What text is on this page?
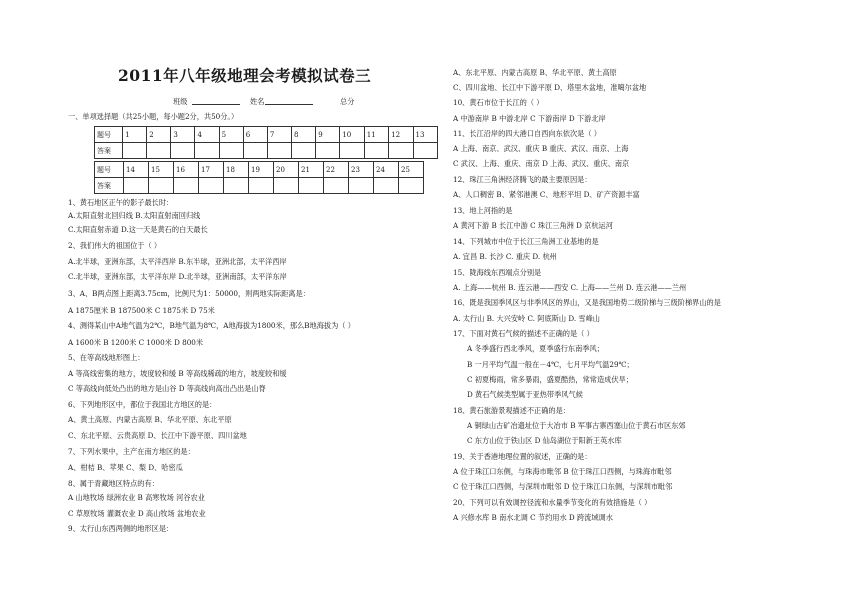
2011年八年级地理会考模拟试卷三
班级	姓名	总分
一、单项选择题（共25小题，每小题2分，共50分。）
题号	1	2	3	4	5	6	7	8	9	10	11	12	13
答案													
题号	14	15	16	17	18	19	20	21	22	23	24	25
答案												
1、黄石地区正午的影子最长时：
A.太阳直射北回归线 B.太阳直射南回归线
C.太阳直射赤道 D.这一天是黄石的白天最长
2、我们伟大的祖国位于（ ）
A.北半球，亚洲东部，太平洋西岸 B.东半球，亚洲北部，太平洋西岸
C.北半球，亚洲东部，太平洋东岸 D.北半球，亚洲南部，太平洋东岸
3、A、B两点图上距离3.75cm，比例尺为1：50000，则两地实际距离是：
A 1875厘米 B 187500米 C 1875米 D 75米
4、测得某山中A地气温为2℃，B地气温为8℃，A地海拔为1800米，那么B地海拔为（ ）
A 1600米 B 1200米 C 1000米 D 800米
5、在等高线地形图上：
A 等高线密集的地方，坡度较和缓 B 等高线稀疏的地方，坡度较和缓
C 等高线向低处凸出的地方是山谷 D 等高线向高出凸出是山脊
6、下列地形区中，都位于我国北方地区的是：
A、黄土高原、内蒙古高原 B、华北平原、东北平原
C、东北平原、云贵高原 D、长江中下游平原、四川盆地
7、下列水果中，主产在南方地区的是：
A、柑桔 B、苹果 C、梨 D、哈密瓜
8、属于青藏地区特点的有：
A 山地牧场 绿洲农业 B 高寒牧场 河谷农业
C 草原牧场 灌溉农业 D 高山牧场 盆地农业
9、太行山东西两侧的地形区是：
A、东北平原、内蒙古高原 B、华北平原、黄土高原
C、四川盆地、长江中下游平原 D、塔里木盆地，准噶尔盆地
10、黄石市位于长江的（ ）
A 中游南岸 B 中游北岸 C 下游南岸 D 下游北岸
11、长江沿岸的四大港口自西向东依次是（ ）
A 上海、南京、武汉、重庆 B 重庆、武汉、南京、上海
C 武汉、上海、重庆、南京 D 上海、武汉、重庆、南京
12、珠江三角洲经济腾飞的最主要原因是：
A、人口稠密 B、紧邻港澳 C、地形平坦 D、矿产资源丰富
13、地上河指的是
A 黄河下游 B 长江中游 C 珠江三角洲 D 京杭运河
14、下列城市中位于长江三角洲工业基地的是
A. 宜昌 B. 长沙 C. 重庆 D. 杭州
15、陇海线东西端点分别是
A. 上海——杭州 B. 连云港——西安 C. 上海——兰州 D. 连云港——兰州
16、既是我国季风区与非季风区的界山，又是我国地势二级阶梯与三级阶梯界山的是
A. 太行山 B. 大兴安岭 C. 阿底斯山 D. 雪峰山
17、下面对黄石气候的描述不正确的是（ ）
A 冬季盛行西北季风，夏季盛行东南季风；
B 一月平均气温一般在－4℃，七月平均气温29℃；
C 初夏梅雨，常多暴雨，盛夏酷热，常常造成伏旱；
D 黄石气候类型属于亚热带季风气候
18、黄石旅游景观描述不正确的是：
A 铜绿山古矿冶遗址位于大冶市 B 军事古寨西塞山位于黄石市区东郊
C 东方山位于铁山区 D 仙岛湖位于阳新王英水库
19、关于香港地理位置的叙述，正确的是：
A 位于珠江口东侧，与珠海市毗邻 B 位于珠江口西侧，与珠海市毗邻
C 位于珠江口西侧，与深圳市毗邻 D 位于珠江口东侧，与深圳市毗邻
20、下列可以有效调控径流和水量季节变化的有效措施是（ ）
A 兴修水库 B 南水北调 C 节约用水 D 跨流域调水
